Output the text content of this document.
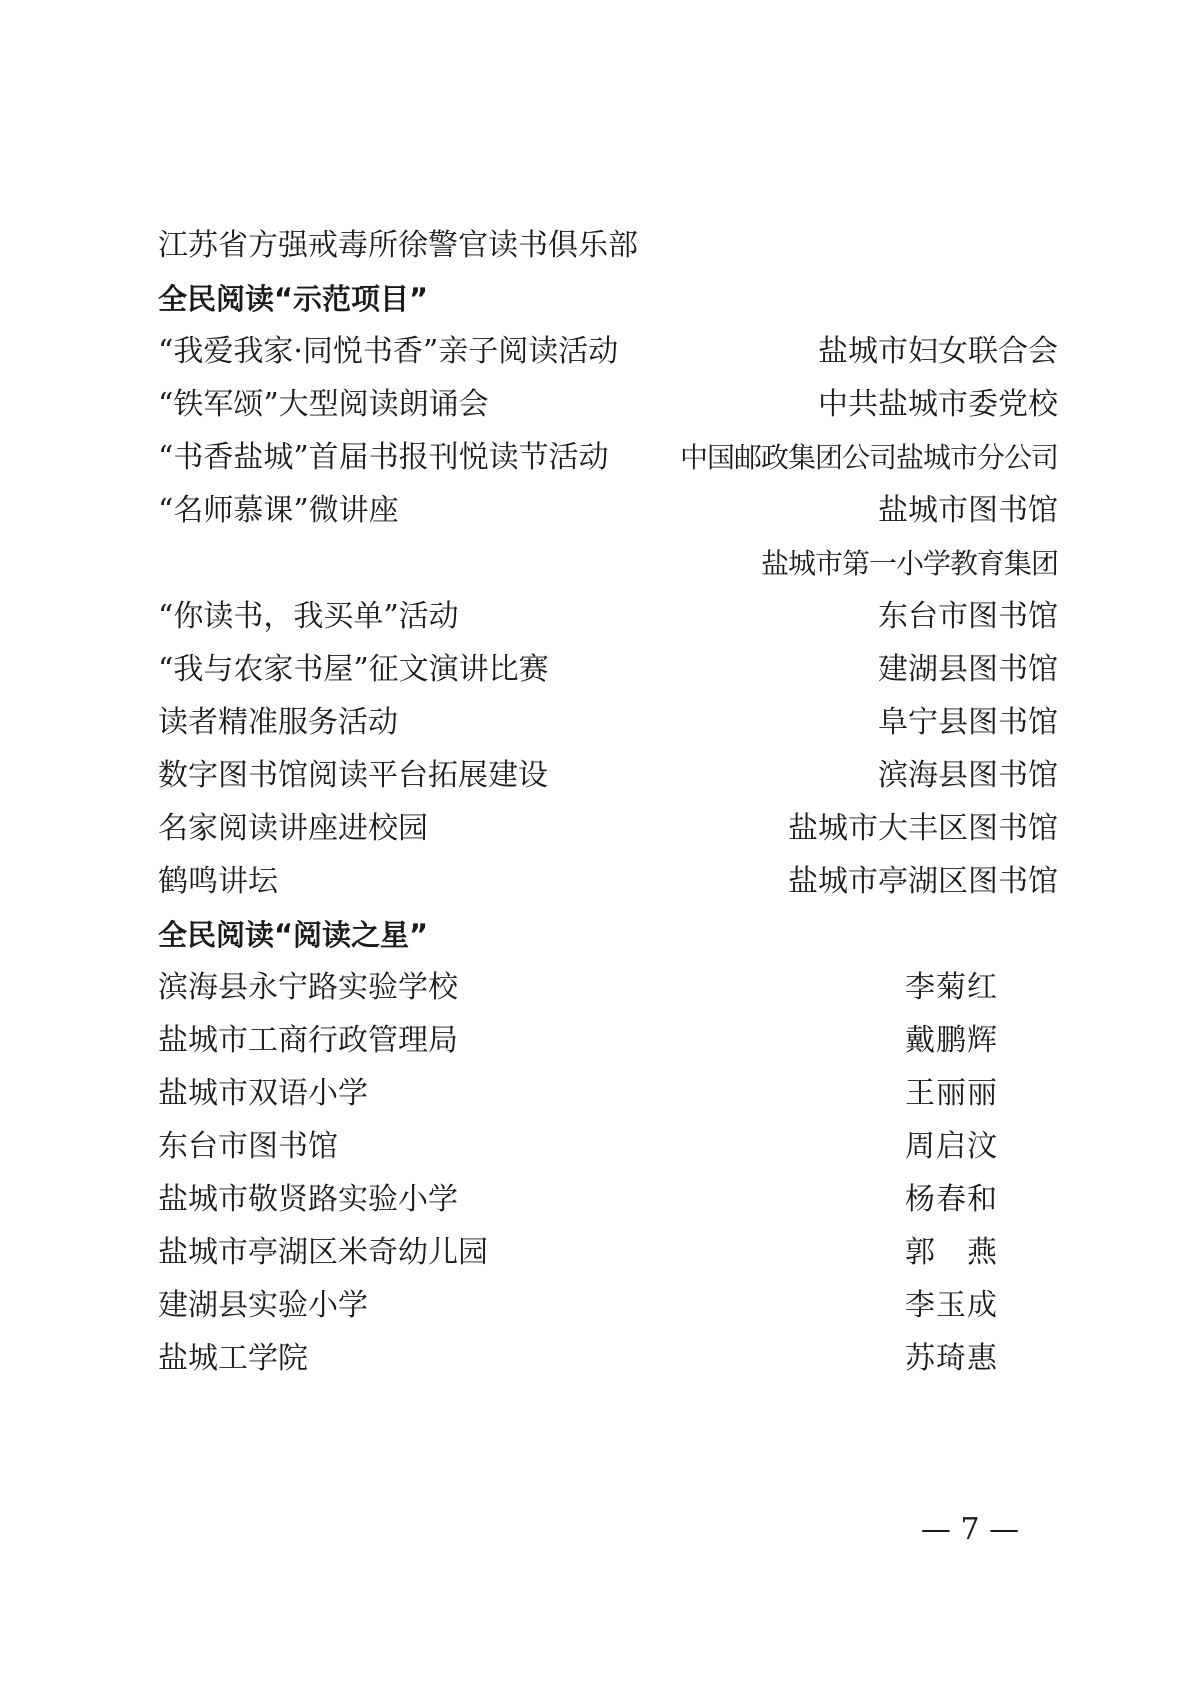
江苏省方强戒毒所徐警官读书俱乐部
全民阅读“示范项目”
“我爱我家·同悦书香”亲子阅读活动	盐城市妇女联合会
“铁军颂”大型阅读朗诵会	中共盐城市委党校
“书香盐城”首届书报刊悦读节活动	中国邮政集团公司盐城市分公司
“名师慕课”微讲座	盐城市图书馆
盐城市第一小学教育集团
“你读书，我买单”活动	东台市图书馆
“我与农家书屋”征文演讲比赛	建湖县图书馆
读者精准服务活动	阜宁县图书馆
数字图书馆阅读平台拓展建设	滨海县图书馆
名家阅读讲座进校园	盐城市大丰区图书馆
鹤鸣讲坛	盐城市亭湖区图书馆
全民阅读“阅读之星”
滨海县永宁路实验学校	李菊红
盐城市工商行政管理局	戴鹏辉
盐城市双语小学	王丽丽
东台市图书馆	周启汶
盐城市敬贤路实验小学	杨春和
盐城市亭湖区米奇幼儿园	郭　燕
建湖县实验小学	李玉成
盐城工学院	苏琦惠
— 7 —
